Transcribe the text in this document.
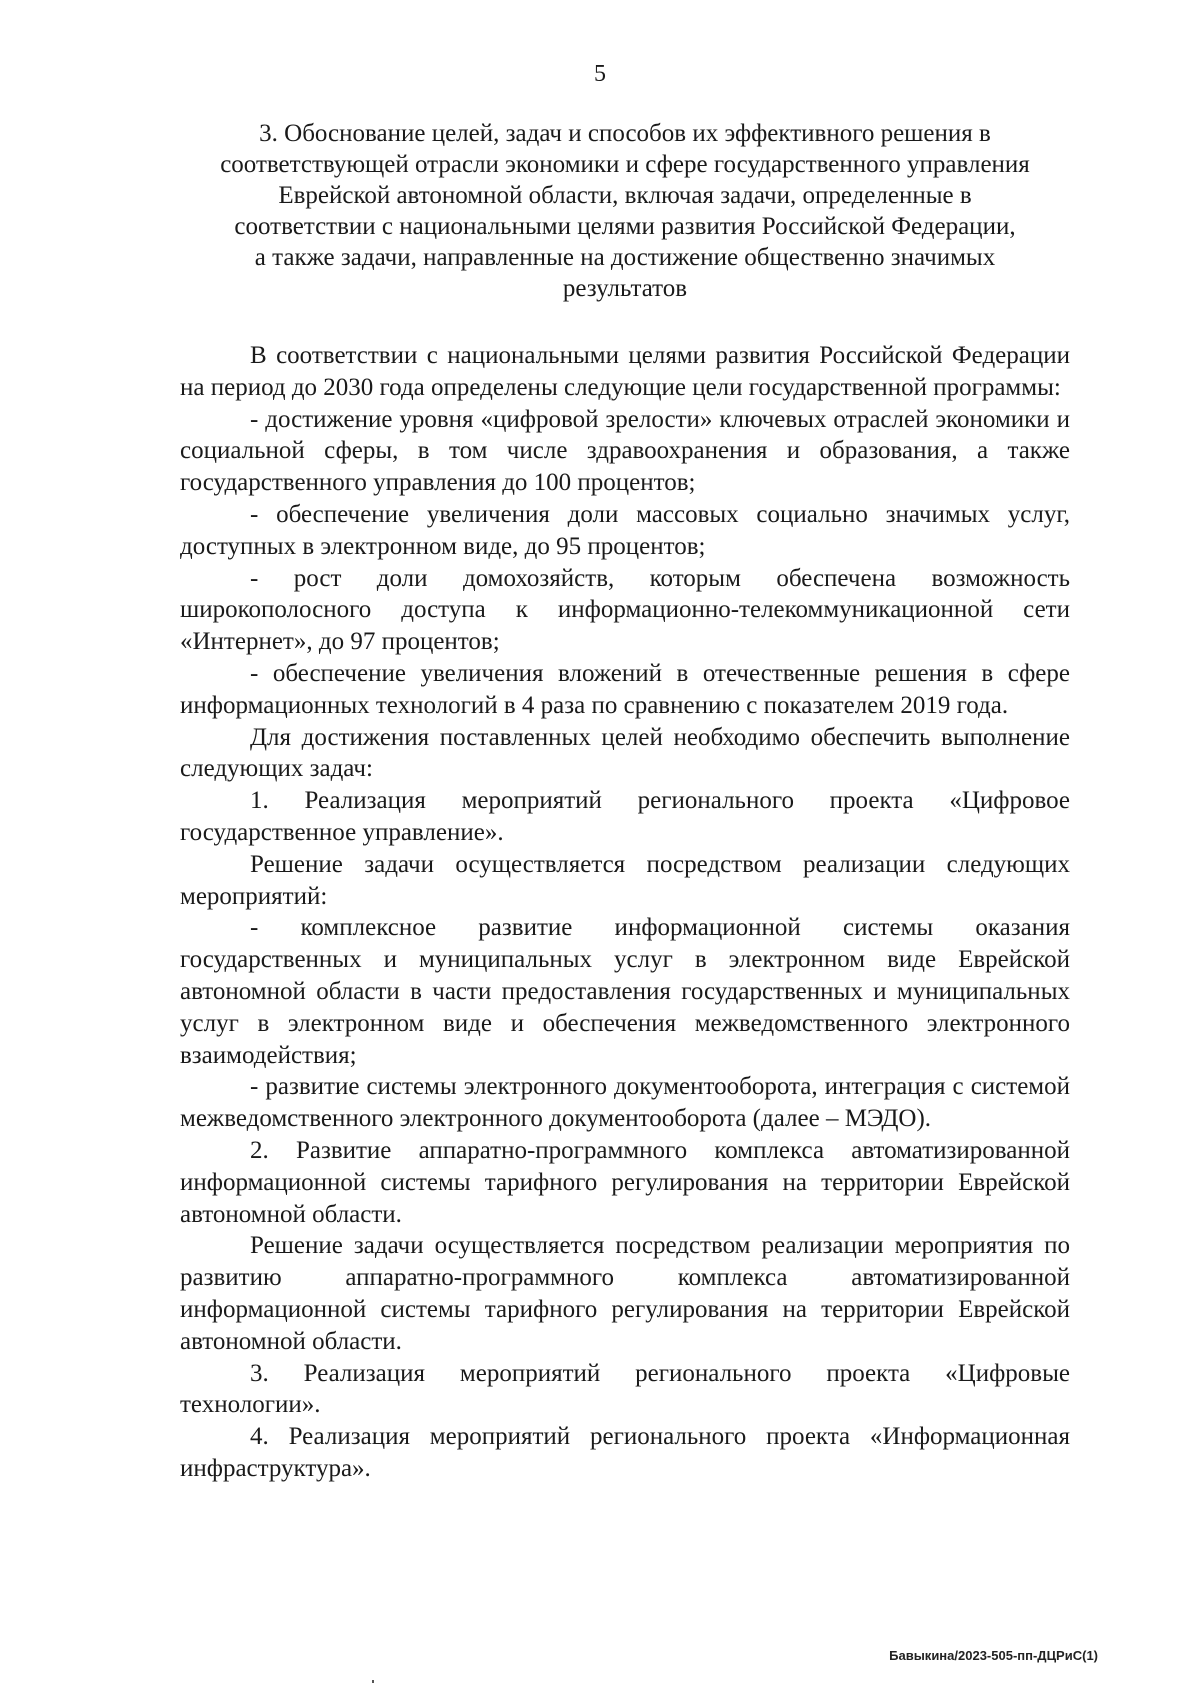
5
3. Обоснование целей, задач и способов их эффективного решения в
соответствующей отрасли экономики и сфере государственного управления
Еврейской автономной области, включая задачи, определенные в
соответствии с национальными целями развития Российской Федерации,
а также задачи, направленные на достижение общественно значимых
результатов

В соответствии с национальными целями развития Российской Федерации на период до 2030 года определены следующие цели государственной программы:

- достижение уровня «цифровой зрелости» ключевых отраслей экономики и социальной сферы, в том числе здравоохранения и образования, а также государственного управления до 100 процентов;

- обеспечение увеличения доли массовых социально значимых услуг, доступных в электронном виде, до 95 процентов;

- рост доли домохозяйств, которым обеспечена возможность широкополосного доступа к информационно-телекоммуникационной сети «Интернет», до 97 процентов;

- обеспечение увеличения вложений в отечественные решения в сфере информационных технологий в 4 раза по сравнению с показателем 2019 года.

Для достижения поставленных целей необходимо обеспечить выполнение следующих задач:

1. Реализация мероприятий регионального проекта «Цифровое государственное управление».

Решение задачи осуществляется посредством реализации следующих мероприятий:

- комплексное развитие информационной системы оказания государственных и муниципальных услуг в электронном виде Еврейской автономной области в части предоставления государственных и муниципальных услуг в электронном виде и обеспечения межведомственного электронного взаимодействия;

- развитие системы электронного документооборота, интеграция с системой межведомственного электронного документооборота (далее – МЭДО).

2. Развитие аппаратно-программного комплекса автоматизированной информационной системы тарифного регулирования на территории Еврейской автономной области.

Решение задачи осуществляется посредством реализации мероприятия по развитию аппаратно-программного комплекса автоматизированной информационной системы тарифного регулирования на территории Еврейской автономной области.

3. Реализация мероприятий регионального проекта «Цифровые технологии».

4. Реализация мероприятий регионального проекта «Информационная инфраструктура».

Бавыкина/2023-505-пп-ДЦРиС(1)
